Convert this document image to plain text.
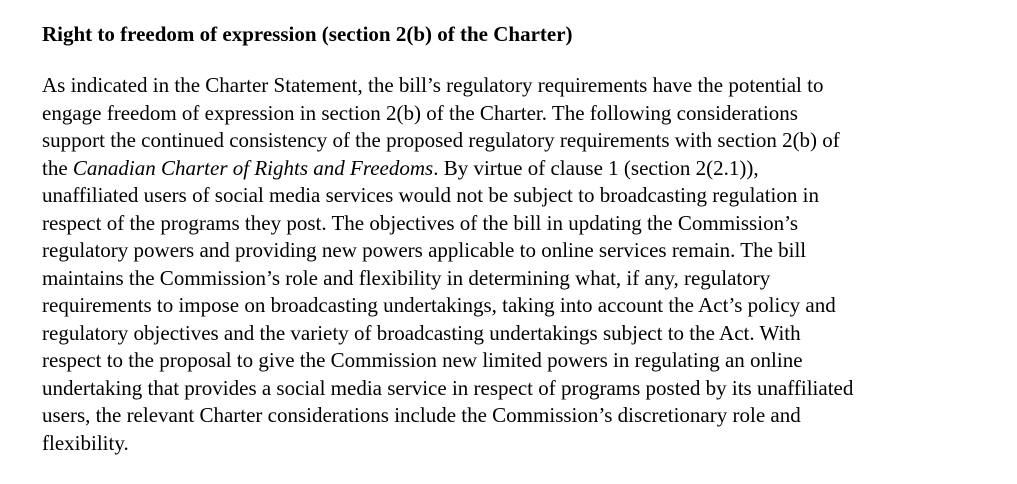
Right to freedom of expression (section 2(b) of the Charter)

As indicated in the Charter Statement, the bill’s regulatory requirements have the potential to
engage freedom of expression in section 2(b) of the Charter. The following considerations
support the continued consistency of the proposed regulatory requirements with section 2(b) of
the Canadian Charter of Rights and Freedoms. By virtue of clause 1 (section 2(2.1)),
unaffiliated users of social media services would not be subject to broadcasting regulation in
respect of the programs they post. The objectives of the bill in updating the Commission’s
regulatory powers and providing new powers applicable to online services remain. The bill
maintains the Commission’s role and flexibility in determining what, if any, regulatory
requirements to impose on broadcasting undertakings, taking into account the Act’s policy and
regulatory objectives and the variety of broadcasting undertakings subject to the Act. With
respect to the proposal to give the Commission new limited powers in regulating an online
undertaking that provides a social media service in respect of programs posted by its unaffiliated
users, the relevant Charter considerations include the Commission’s discretionary role and
flexibility.
